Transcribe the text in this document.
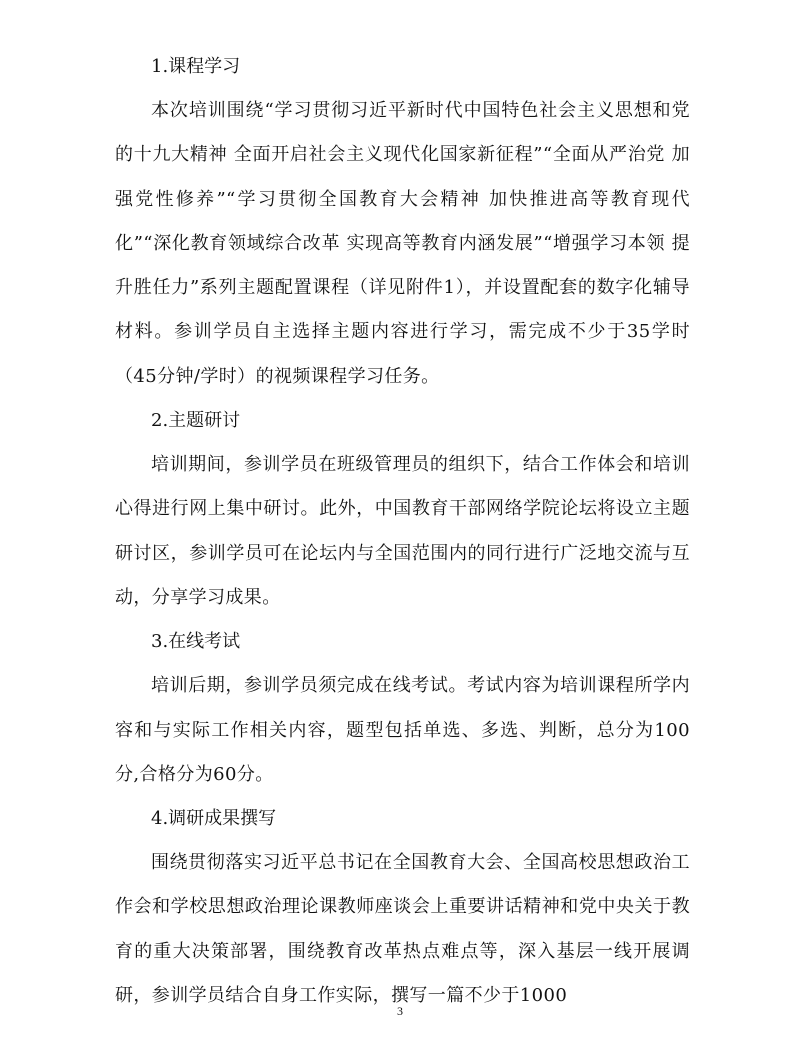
1.课程学习

本次培训围绕“学习贯彻习近平新时代中国特色社会主义思想和党的十九大精神 全面开启社会主义现代化国家新征程”“全面从严治党 加强党性修养”“学习贯彻全国教育大会精神 加快推进高等教育现代化”“深化教育领域综合改革 实现高等教育内涵发展”“增强学习本领 提升胜任力”系列主题配置课程（详见附件1），并设置配套的数字化辅导材料。参训学员自主选择主题内容进行学习，需完成不少于35学时（45分钟/学时）的视频课程学习任务。

2.主题研讨

培训期间，参训学员在班级管理员的组织下，结合工作体会和培训心得进行网上集中研讨。此外，中国教育干部网络学院论坛将设立主题研讨区，参训学员可在论坛内与全国范围内的同行进行广泛地交流与互动，分享学习成果。

3.在线考试

培训后期，参训学员须完成在线考试。考试内容为培训课程所学内容和与实际工作相关内容，题型包括单选、多选、判断，总分为100分,合格分为60分。

4.调研成果撰写

围绕贯彻落实习近平总书记在全国教育大会、全国高校思想政治工作会和学校思想政治理论课教师座谈会上重要讲话精神和党中央关于教育的重大决策部署，围绕教育改革热点难点等，深入基层一线开展调研，参训学员结合自身工作实际，撰写一篇不少于1000

3
